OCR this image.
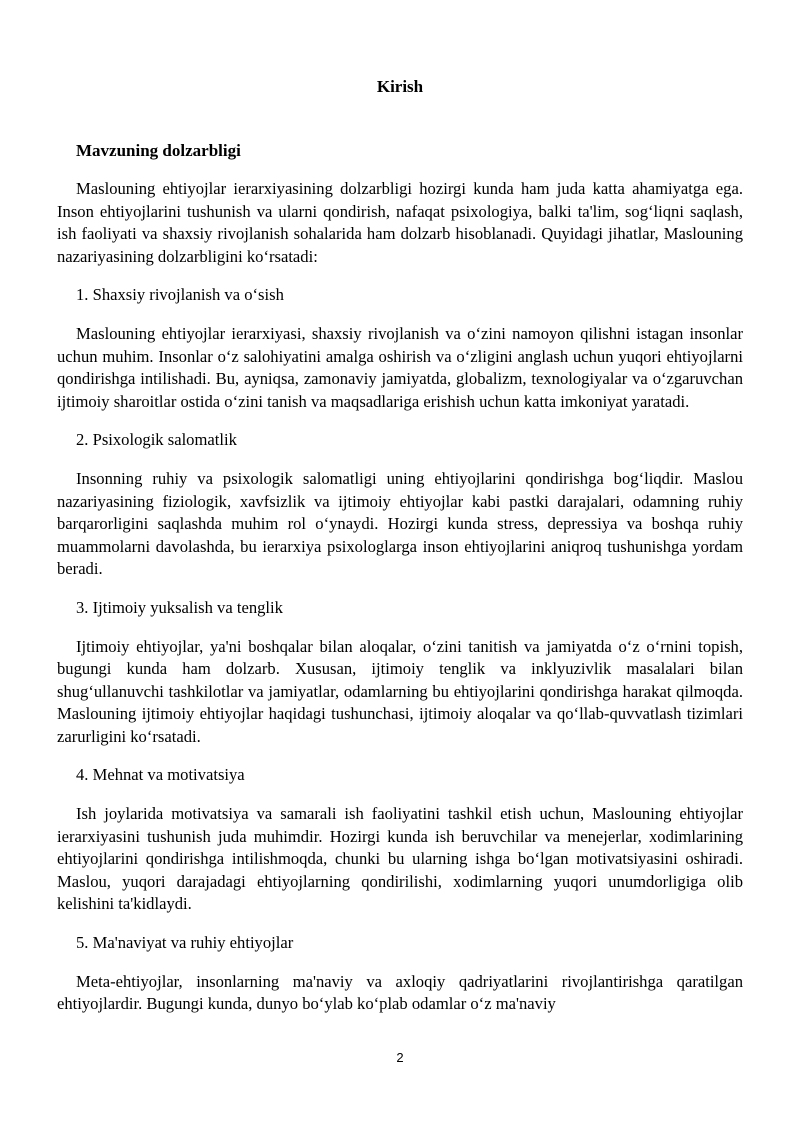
Kirish
Mavzuning dolzarbligi

Maslouning ehtiyojlar ierarxiyasining dolzarbligi hozirgi kunda ham juda katta ahamiyatga ega. Inson ehtiyojlarini tushunish va ularni qondirish, nafaqat psixologiya, balki ta'lim, sog‘liqni saqlash, ish faoliyati va shaxsiy rivojlanish sohalarida ham dolzarb hisoblanadi. Quyidagi jihatlar, Maslouning nazariyasining dolzarbligini ko‘rsatadi:

1. Shaxsiy rivojlanish va o‘sish

Maslouning ehtiyojlar ierarxiyasi, shaxsiy rivojlanish va o‘zini namoyon qilishni istagan insonlar uchun muhim. Insonlar o‘z salohiyatini amalga oshirish va o‘zligini anglash uchun yuqori ehtiyojlarni qondirishga intilishadi. Bu, ayniqsa, zamonaviy jamiyatda, globalizm, texnologiyalar va o‘zgaruvchan ijtimoiy sharoitlar ostida o‘zini tanish va maqsadlariga erishish uchun katta imkoniyat yaratadi.

2. Psixologik salomatlik

Insonning ruhiy va psixologik salomatligi uning ehtiyojlarini qondirishga bog‘liqdir. Maslou nazariyasining fiziologik, xavfsizlik va ijtimoiy ehtiyojlar kabi pastki darajalari, odamning ruhiy barqarorligini saqlashda muhim rol o‘ynaydi. Hozirgi kunda stress, depressiya va boshqa ruhiy muammolarni davolashda, bu ierarxiya psixologlarga inson ehtiyojlarini aniqroq tushunishga yordam beradi.

3. Ijtimoiy yuksalish va tenglik

Ijtimoiy ehtiyojlar, ya'ni boshqalar bilan aloqalar, o‘zini tanitish va jamiyatda o‘z o‘rnini topish, bugungi kunda ham dolzarb. Xususan, ijtimoiy tenglik va inklyuzivlik masalalari bilan shug‘ullanuvchi tashkilotlar va jamiyatlar, odamlarning bu ehtiyojlarini qondirishga harakat qilmoqda. Maslouning ijtimoiy ehtiyojlar haqidagi tushunchasi, ijtimoiy aloqalar va qo‘llab-quvvatlash tizimlari zarurligini ko‘rsatadi.

4. Mehnat va motivatsiya

Ish joylarida motivatsiya va samarali ish faoliyatini tashkil etish uchun, Maslouning ehtiyojlar ierarxiyasini tushunish juda muhimdir. Hozirgi kunda ish beruvchilar va menejerlar, xodimlarining ehtiyojlarini qondirishga intilishmoqda, chunki bu ularning ishga bo‘lgan motivatsiyasini oshiradi. Maslou, yuqori darajadagi ehtiyojlarning qondirilishi, xodimlarning yuqori unumdorligiga olib kelishini ta'kidlaydi.

5. Ma'naviyat va ruhiy ehtiyojlar

Meta-ehtiyojlar, insonlarning ma'naviy va axloqiy qadriyatlarini rivojlantirishga qaratilgan ehtiyojlardir. Bugungi kunda, dunyo bo‘ylab ko‘plab odamlar o‘z ma'naviy

2
